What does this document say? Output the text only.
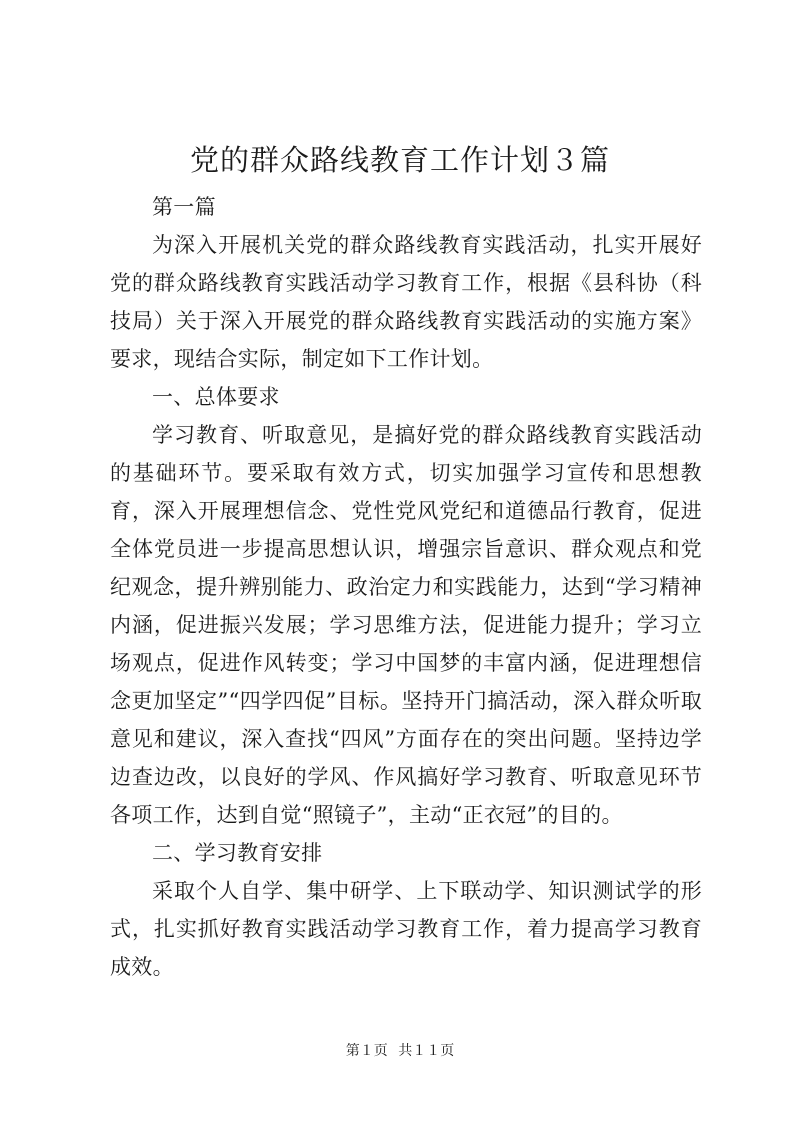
党的群众路线教育工作计划３篇

第一篇

为深入开展机关党的群众路线教育实践活动，扎实开展好党的群众路线教育实践活动学习教育工作，根据《县科协（科技局）关于深入开展党的群众路线教育实践活动的实施方案》要求，现结合实际，制定如下工作计划。

一、总体要求

学习教育、听取意见，是搞好党的群众路线教育实践活动的基础环节。要采取有效方式，切实加强学习宣传和思想教育，深入开展理想信念、党性党风党纪和道德品行教育，促进全体党员进一步提高思想认识，增强宗旨意识、群众观点和党纪观念，提升辨别能力、政治定力和实践能力，达到“学习精神内涵，促进振兴发展；学习思维方法，促进能力提升；学习立场观点，促进作风转变；学习中国梦的丰富内涵，促进理想信念更加坚定”“四学四促”目标。坚持开门搞活动，深入群众听取意见和建议，深入查找“四风”方面存在的突出问题。坚持边学边查边改，以良好的学风、作风搞好学习教育、听取意见环节各项工作，达到自觉“照镜子”，主动“正衣冠”的目的。

二、学习教育安排

采取个人自学、集中研学、上下联动学、知识测试学的形式，扎实抓好教育实践活动学习教育工作，着力提高学习教育成效。

第１页 共１１页
